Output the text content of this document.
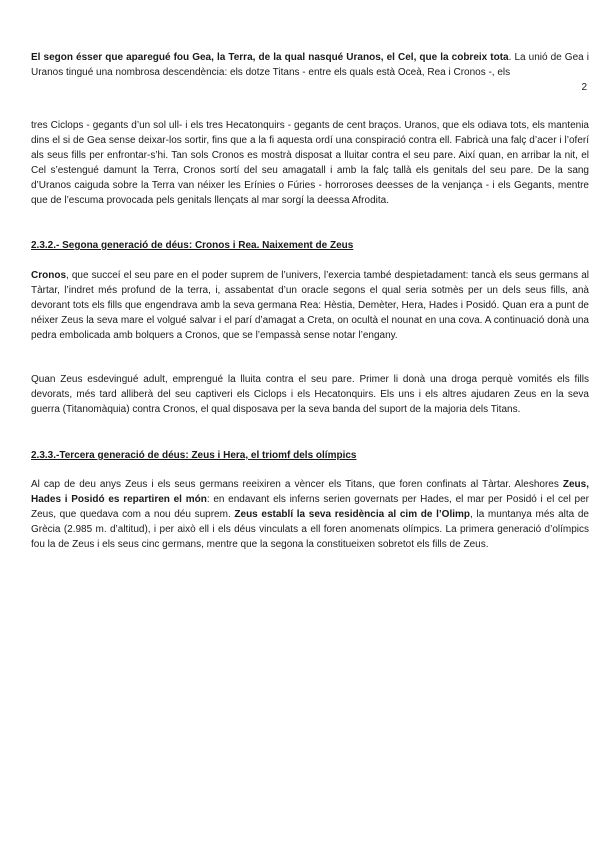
El segon ésser que aparegué fou Gea, la Terra, de la qual nasqué Uranos, el Cel, que la cobreix tota. La unió de Gea i Uranos tingué una nombrosa descendència: els dotze Titans - entre els quals està Oceà, Rea i Cronos -, els

2

tres Ciclops - gegants d’un sol ull- i els tres Hecatonquirs - gegants de cent braços. Uranos, que els odiava tots, els mantenia dins el si de Gea sense deixar-los sortir, fins que a la fi aquesta ordí una conspiració contra ell. Fabricà una falç d’acer i l’oferí als seus fills per enfrontar-s’hi. Tan sols Cronos es mostrà disposat a lluitar contra el seu pare. Així quan, en arribar la nit, el Cel s’estengué damunt la Terra, Cronos sortí del seu amagatall i amb la falç tallà els genitals del seu pare. De la sang d’Uranos caiguda sobre la Terra van néixer les Erínies o Fúries - horroroses deesses de la venjança - i els Gegants, mentre que de l’escuma provocada pels genitals llençats al mar sorgí la deessa Afrodita.

2.3.2.- Segona generació de déus: Cronos i Rea. Naixement de Zeus

Cronos, que succeí el seu pare en el poder suprem de l’univers, l’exercia també despietadament: tancà els seus germans al Tàrtar, l’indret més profund de la terra, i, assabentat d’un oracle segons el qual seria sotmès per un dels seus fills, anà devorant tots els fills que engendrava amb la seva germana Rea: Hèstia, Demèter, Hera, Hades i Posidó. Quan era a punt de néixer Zeus la seva mare el volgué salvar i el parí d’amagat a Creta, on ocultà el nounat en una cova. A continuació donà una pedra embolicada amb bolquers a Cronos, que se l’empassà sense notar l’engany.

Quan Zeus esdevingué adult, emprengué la lluita contra el seu pare. Primer li donà una droga perquè vomités els fills devorats, més tard alliberà del seu captiveri els Ciclops i els Hecatonquirs. Els uns i els altres ajudaren Zeus en la seva guerra (Titanomàquia) contra Cronos, el qual disposava per la seva banda del suport de la majoria dels Titans.

2.3.3.-Tercera generació de déus: Zeus i Hera, el triomf dels olímpics

Al cap de deu anys Zeus i els seus germans reeixiren a vèncer els Titans, que foren confinats al Tàrtar. Aleshores Zeus, Hades i Posidó es repartiren el món: en endavant els inferns serien governats per Hades, el mar per Posidó i el cel per Zeus, que quedava com a nou déu suprem. Zeus establí la seva residència al cim de l’Olimp, la muntanya més alta de Grècia (2.985 m. d’altitud), i per això ell i els déus vinculats a ell foren anomenats olímpics. La primera generació d’olímpics fou la de Zeus i els seus cinc germans, mentre que la segona la constitueixen sobretot els fills de Zeus.
